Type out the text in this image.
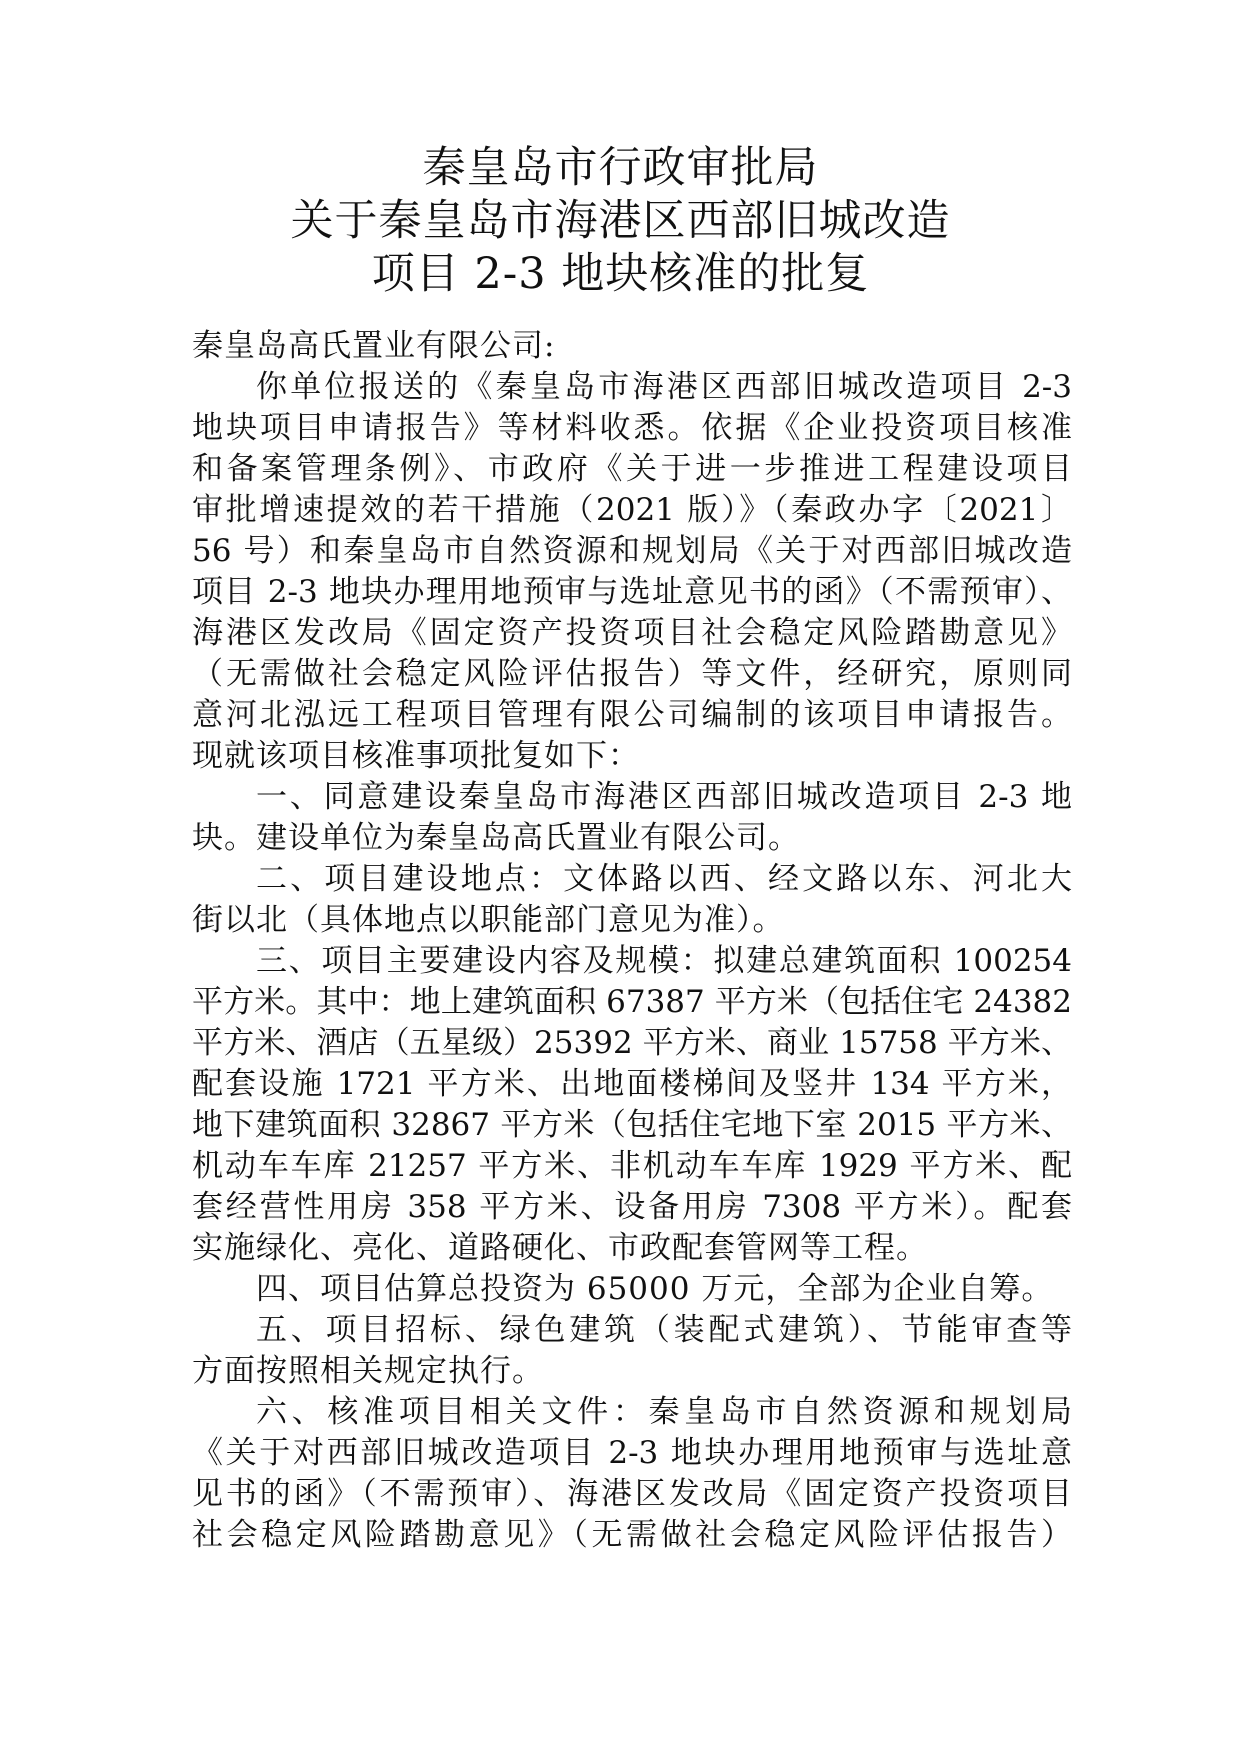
秦皇岛市行政审批局
关于秦皇岛市海港区西部旧城改造
项目 2-3 地块核准的批复
秦皇岛高氏置业有限公司:
你单位报送的《秦皇岛市海港区西部旧城改造项目 2-3
地块项目申请报告》等材料收悉。依据《企业投资项目核准
和备案管理条例》、市政府《关于进一步推进工程建设项目
审批增速提效的若干措施（2021 版）》（秦政办字〔2021〕
56 号）和秦皇岛市自然资源和规划局《关于对西部旧城改造
项目 2-3 地块办理用地预审与选址意见书的函》（不需预审）、
海港区发改局《固定资产投资项目社会稳定风险踏勘意见》
（无需做社会稳定风险评估报告）等文件，经研究，原则同
意河北泓远工程项目管理有限公司编制的该项目申请报告。
现就该项目核准事项批复如下：
一、同意建设秦皇岛市海港区西部旧城改造项目 2-3 地
块。建设单位为秦皇岛高氏置业有限公司。
二、项目建设地点：文体路以西、经文路以东、河北大
街以北（具体地点以职能部门意见为准）。
三、项目主要建设内容及规模：拟建总建筑面积 100254
平方米。其中：地上建筑面积 67387 平方米（包括住宅 24382
平方米、酒店（五星级）25392 平方米、商业 15758 平方米、
配套设施 1721 平方米、出地面楼梯间及竖井 134 平方米，
地下建筑面积 32867 平方米（包括住宅地下室 2015 平方米、
机动车车库 21257 平方米、非机动车车库 1929 平方米、配
套经营性用房 358 平方米、设备用房 7308 平方米）。配套
实施绿化、亮化、道路硬化、市政配套管网等工程。
四、项目估算总投资为 65000 万元，全部为企业自筹。
五、项目招标、绿色建筑（装配式建筑）、节能审查等
方面按照相关规定执行。
六、核准项目相关文件：秦皇岛市自然资源和规划局
《关于对西部旧城改造项目 2-3 地块办理用地预审与选址意
见书的函》（不需预审）、海港区发改局《固定资产投资项目
社会稳定风险踏勘意见》（无需做社会稳定风险评估报告）
